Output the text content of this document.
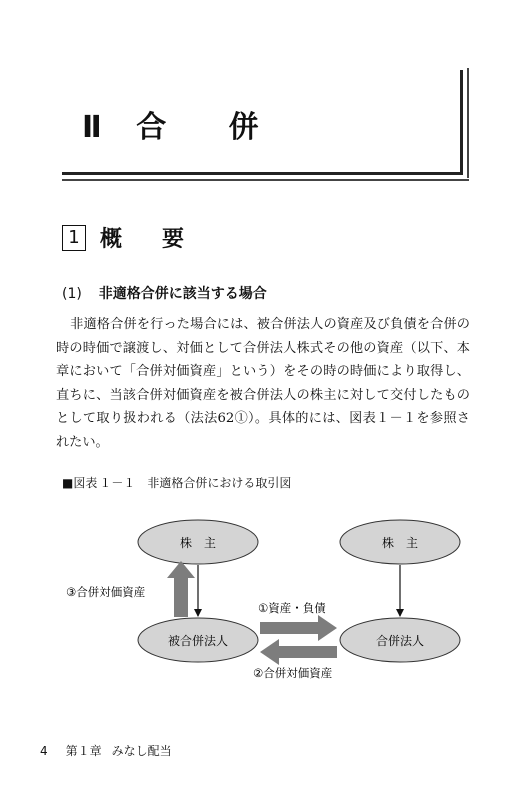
Ⅱ 合 併
1 概 要
(1) 非適格合併に該当する場合
非適格合併を行った場合には、被合併法人の資産及び負債を合併の時の時価で譲渡し、対価として合併法人株式その他の資産（以下、本章において「合併対価資産」という）をその時の時価により取得し、直ちに、当該合併対価資産を被合併法人の株主に対して交付したものとして取り扱われる（法法62①）。具体的には、図表１－１を参照されたい。
■図表 １－１ 非適格合併における取引図
株　主	株　主
被合併法人	合併法人
③合併対価資産
①資産・負債
②合併対価資産
4 第１章 みなし配当
